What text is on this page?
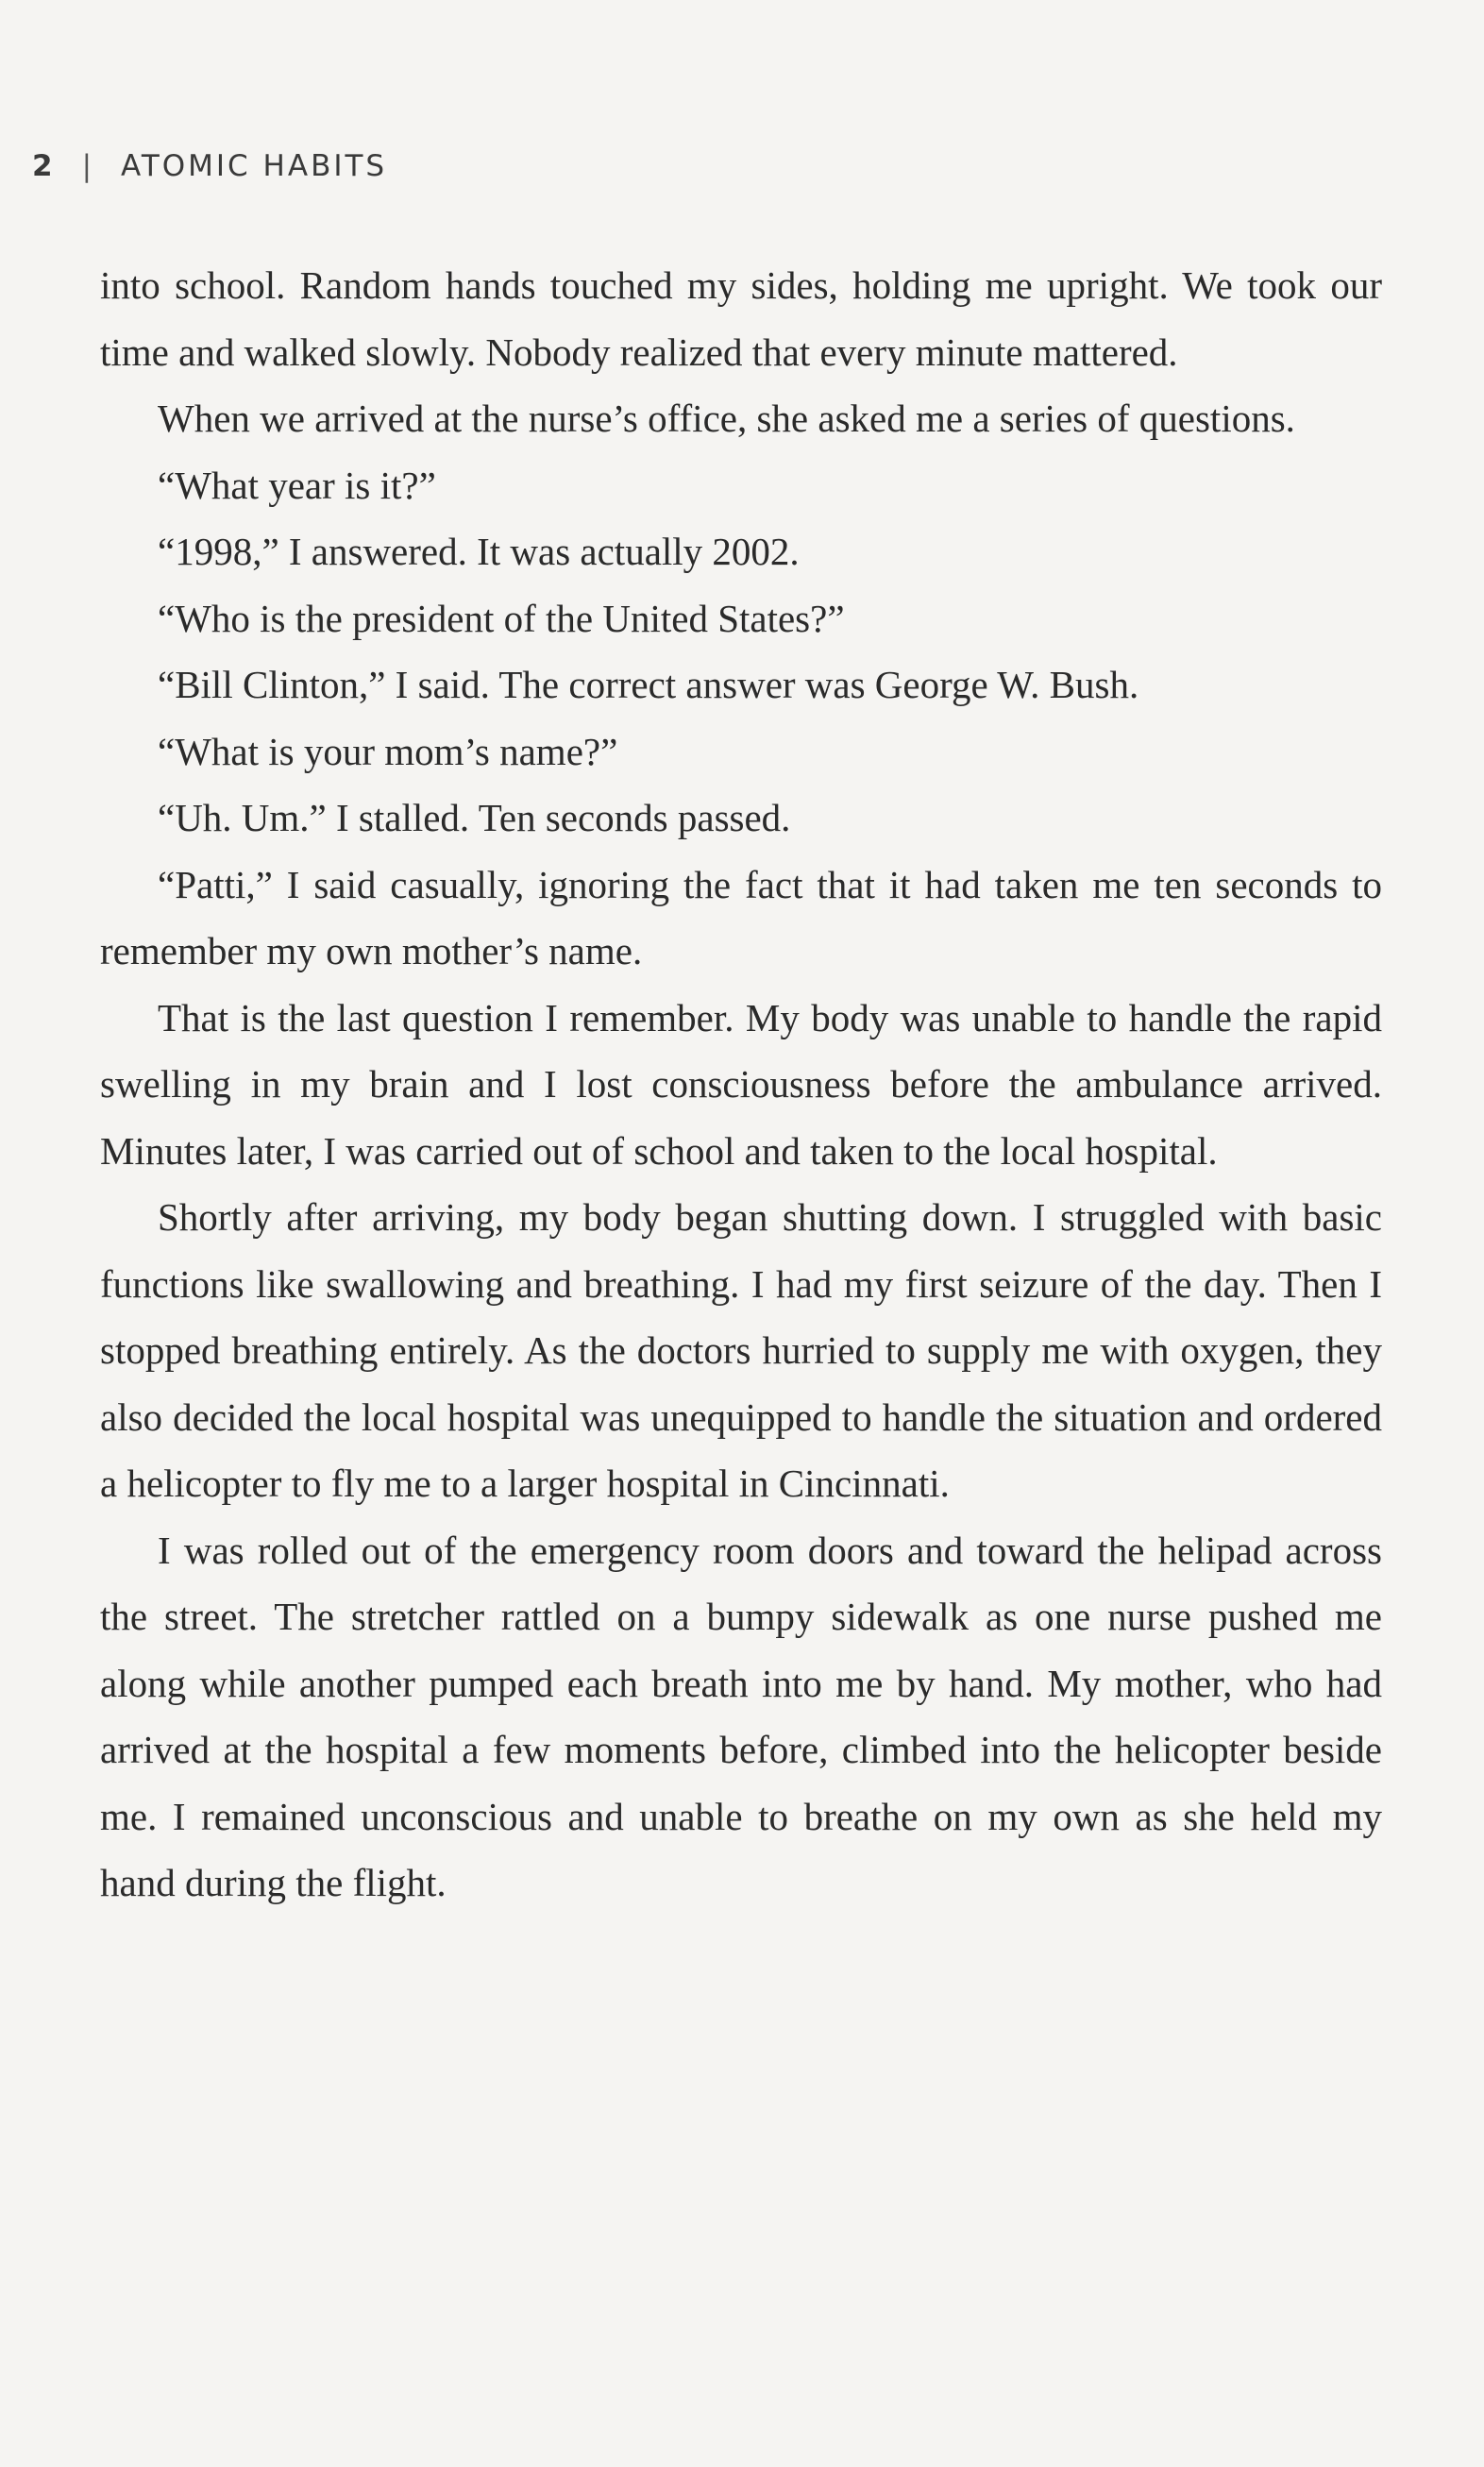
2 | ATOMIC HABITS

into school. Random hands touched my sides, holding me upright. We took our time and walked slowly. Nobody realized that every minute mattered.

When we arrived at the nurse’s office, she asked me a series of questions.

“What year is it?”

“1998,” I answered. It was actually 2002.

“Who is the president of the United States?”

“Bill Clinton,” I said. The correct answer was George W. Bush.

“What is your mom’s name?”

“Uh. Um.” I stalled. Ten seconds passed.

“Patti,” I said casually, ignoring the fact that it had taken me ten seconds to remember my own mother’s name.

That is the last question I remember. My body was unable to handle the rapid swelling in my brain and I lost consciousness before the ambulance arrived. Minutes later, I was carried out of school and taken to the local hospital.

Shortly after arriving, my body began shutting down. I struggled with basic functions like swallowing and breathing. I had my first seizure of the day. Then I stopped breathing entirely. As the doctors hurried to supply me with oxygen, they also decided the local hospital was unequipped to handle the situation and ordered a helicopter to fly me to a larger hospital in Cincinnati.

I was rolled out of the emergency room doors and toward the helipad across the street. The stretcher rattled on a bumpy sidewalk as one nurse pushed me along while another pumped each breath into me by hand. My mother, who had arrived at the hospital a few moments before, climbed into the helicopter beside me. I remained unconscious and unable to breathe on my own as she held my hand during the flight.
